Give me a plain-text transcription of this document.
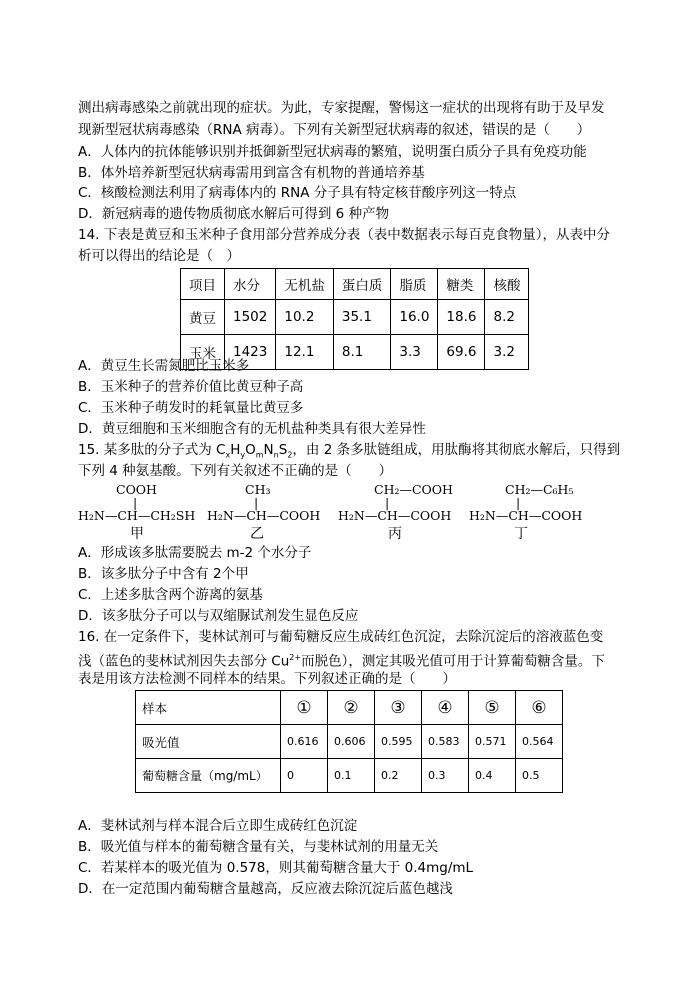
测出病毒感染之前就出现的症状。为此，专家提醒，警惕这一症状的出现将有助于及早发
现新型冠状病毒感染（RNA 病毒）。下列有关新型冠状病毒的叙述，错误的是（　　）
A．人体内的抗体能够识别并抵御新型冠状病毒的繁殖，说明蛋白质分子具有免疫功能
B．体外培养新型冠状病毒需用到富含有机物的普通培养基
C．核酸检测法利用了病毒体内的 RNA 分子具有特定核苷酸序列这一特点
D．新冠病毒的遗传物质彻底水解后可得到 6 种产物
14. 下表是黄豆和玉米种子食用部分营养成分表（表中数据表示每百克食物量），从表中分
析可以得出的结论是（　）
项目	水分	无机盐	蛋白质	脂质	糖类	核酸
黄豆	1502	10.2	35.1	16.0	18.6	8.2
玉米	1423	12.1	8.1	3.3	69.6	3.2
A．黄豆生长需氮肥比玉米多
B．玉米种子的营养价值比黄豆种子高
C．玉米种子萌发时的耗氧量比黄豆多
D．黄豆细胞和玉米细胞含有的无机盐种类具有很大差异性
15. 某多肽的分子式为 $C_xH_yO_mN_nS_2$，由 2 条多肽链组成，用肽酶将其彻底水解后，只得到
下列 4 种氨基酸。下列有关叙述不正确的是（　　）
COOH
|
H₂N—CH—CH₂SH
甲
CH₃
|
H₂N—CH—COOH
乙
CH₂—COOH
|
H₂N—CH—COOH
丙
CH₂—C₆H₅
|
H₂N—CH—COOH
丁
A．形成该多肽需要脱去 m-2 个水分子
B．该多肽分子中含有 2个甲
C．上述多肽含两个游离的氨基
D．该多肽分子可以与双缩脲试剂发生显色反应
16. 在一定条件下，斐林试剂可与葡萄糖反应生成砖红色沉淀，去除沉淀后的溶液蓝色变
浅（蓝色的斐林试剂因失去部分 $Cu^{2+}$而脱色），测定其吸光值可用于计算葡萄糖含量。下
表是用该方法检测不同样本的结果。下列叙述正确的是（　　）
样本	①	②	③	④	⑤	⑥
吸光值	0.616	0.606	0.595	0.583	0.571	0.564
葡萄糖含量（mg/mL）	0	0.1	0.2	0.3	0.4	0.5
A．斐林试剂与样本混合后立即生成砖红色沉淀
B．吸光值与样本的葡萄糖含量有关，与斐林试剂的用量无关
C．若某样本的吸光值为 0.578，则其葡萄糖含量大于 0.4mg/mL
D．在一定范围内葡萄糖含量越高，反应液去除沉淀后蓝色越浅
